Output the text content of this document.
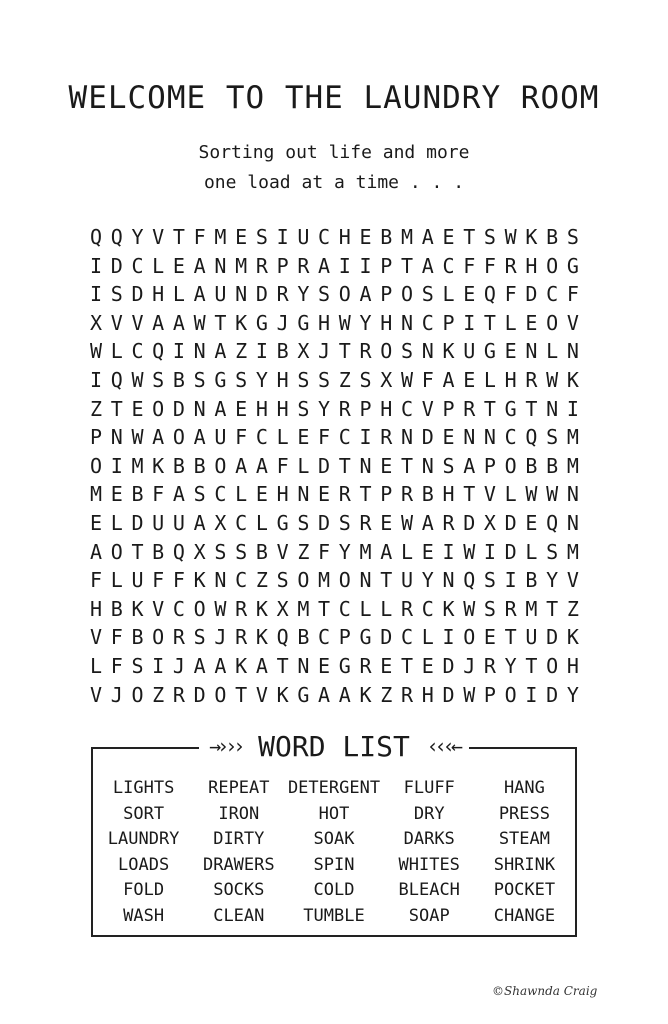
WELCOME TO THE LAUNDRY ROOM
Sorting out life and more
one load at a time . . .
Q Q Y V T F M E S I U C H E B M A E T S W K B S
I D C L E A N M R P R A I I P T A C F F R H O G
I S D H L A U N D R Y S O A P O S L E Q F D C F
X V V A A W T K G J G H W Y H N C P I T L E O V
W L C Q I N A Z I B X J T R O S N K U G E N L N
I Q W S B S G S Y H S S Z S X W F A E L H R W K
Z T E O D N A E H H S Y R P H C V P R T G T N I
P N W A O A U F C L E F C I R N D E N N C Q S M
O I M K B B O A A F L D T N E T N S A P O B B M
M E B F A S C L E H N E R T P R B H T V L W W N
E L D U U A X C L G S D S R E W A R D X D E Q N
A O T B Q X S S B V Z F Y M A L E I W I D L S M
F L U F F K N C Z S O M O N T U Y N Q S I B Y V
H B K V C O W R K X M T C L L R C K W S R M T Z
V F B O R S J R K Q B C P G D C L I O E T U D K
L F S I J A A K A T N E G R E T E D J R Y T O H
V J O Z R D O T V K G A A K Z R H D W P O I D Y
→››› WORD LIST ‹‹‹←
LIGHTS
SORT
LAUNDRY
LOADS
FOLD
WASH
REPEAT
IRON
DIRTY
DRAWERS
SOCKS
CLEAN
DETERGENT
HOT
SOAK
SPIN
COLD
TUMBLE
FLUFF
DRY
DARKS
WHITES
BLEACH
SOAP
HANG
PRESS
STEAM
SHRINK
POCKET
CHANGE
©Shawnda Craig
